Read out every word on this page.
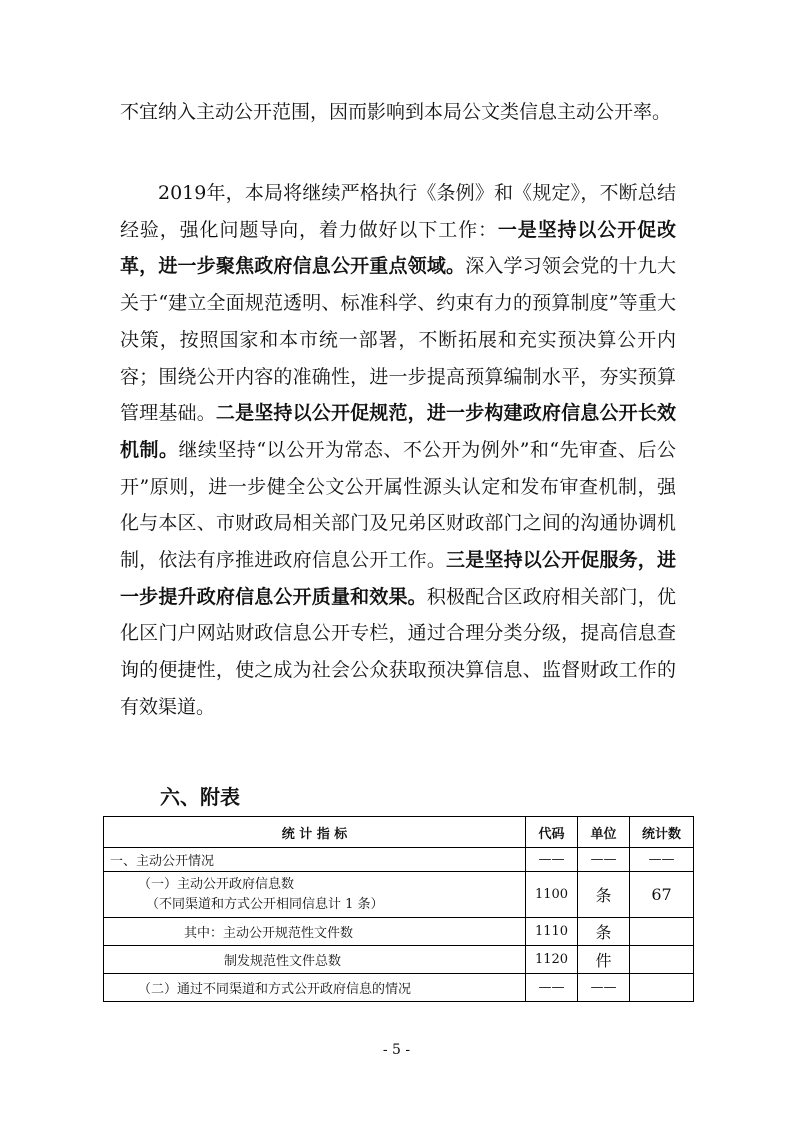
不宜纳入主动公开范围，因而影响到本局公文类信息主动公开率。

2019年，本局将继续严格执行《条例》和《规定》，不断总结经验，强化问题导向，着力做好以下工作：一是坚持以公开促改革，进一步聚焦政府信息公开重点领域。深入学习领会党的十九大关于“建立全面规范透明、标准科学、约束有力的预算制度”等重大决策，按照国家和本市统一部署，不断拓展和充实预决算公开内容；围绕公开内容的准确性，进一步提高预算编制水平，夯实预算管理基础。二是坚持以公开促规范，进一步构建政府信息公开长效机制。继续坚持“以公开为常态、不公开为例外”和“先审查、后公开”原则，进一步健全公文公开属性源头认定和发布审查机制，强化与本区、市财政局相关部门及兄弟区财政部门之间的沟通协调机制，依法有序推进政府信息公开工作。三是坚持以公开促服务，进一步提升政府信息公开质量和效果。积极配合区政府相关部门，优化区门户网站财政信息公开专栏，通过合理分类分级，提高信息查询的便捷性，使之成为社会公众获取预决算信息、监督财政工作的有效渠道。

六、附表

统 计 指 标	代码	单位	统计数
一、主动公开情况	——	——	——

（一）主动公开政府信息数
（不同渠道和方式公开相同信息计 1 条）	1100	条	67
其中：主动公开规范性文件数	1110	条	
制发规范性文件总数	1120	件	
（二）通过不同渠道和方式公开政府信息的情况	——	——	

- 5 -
